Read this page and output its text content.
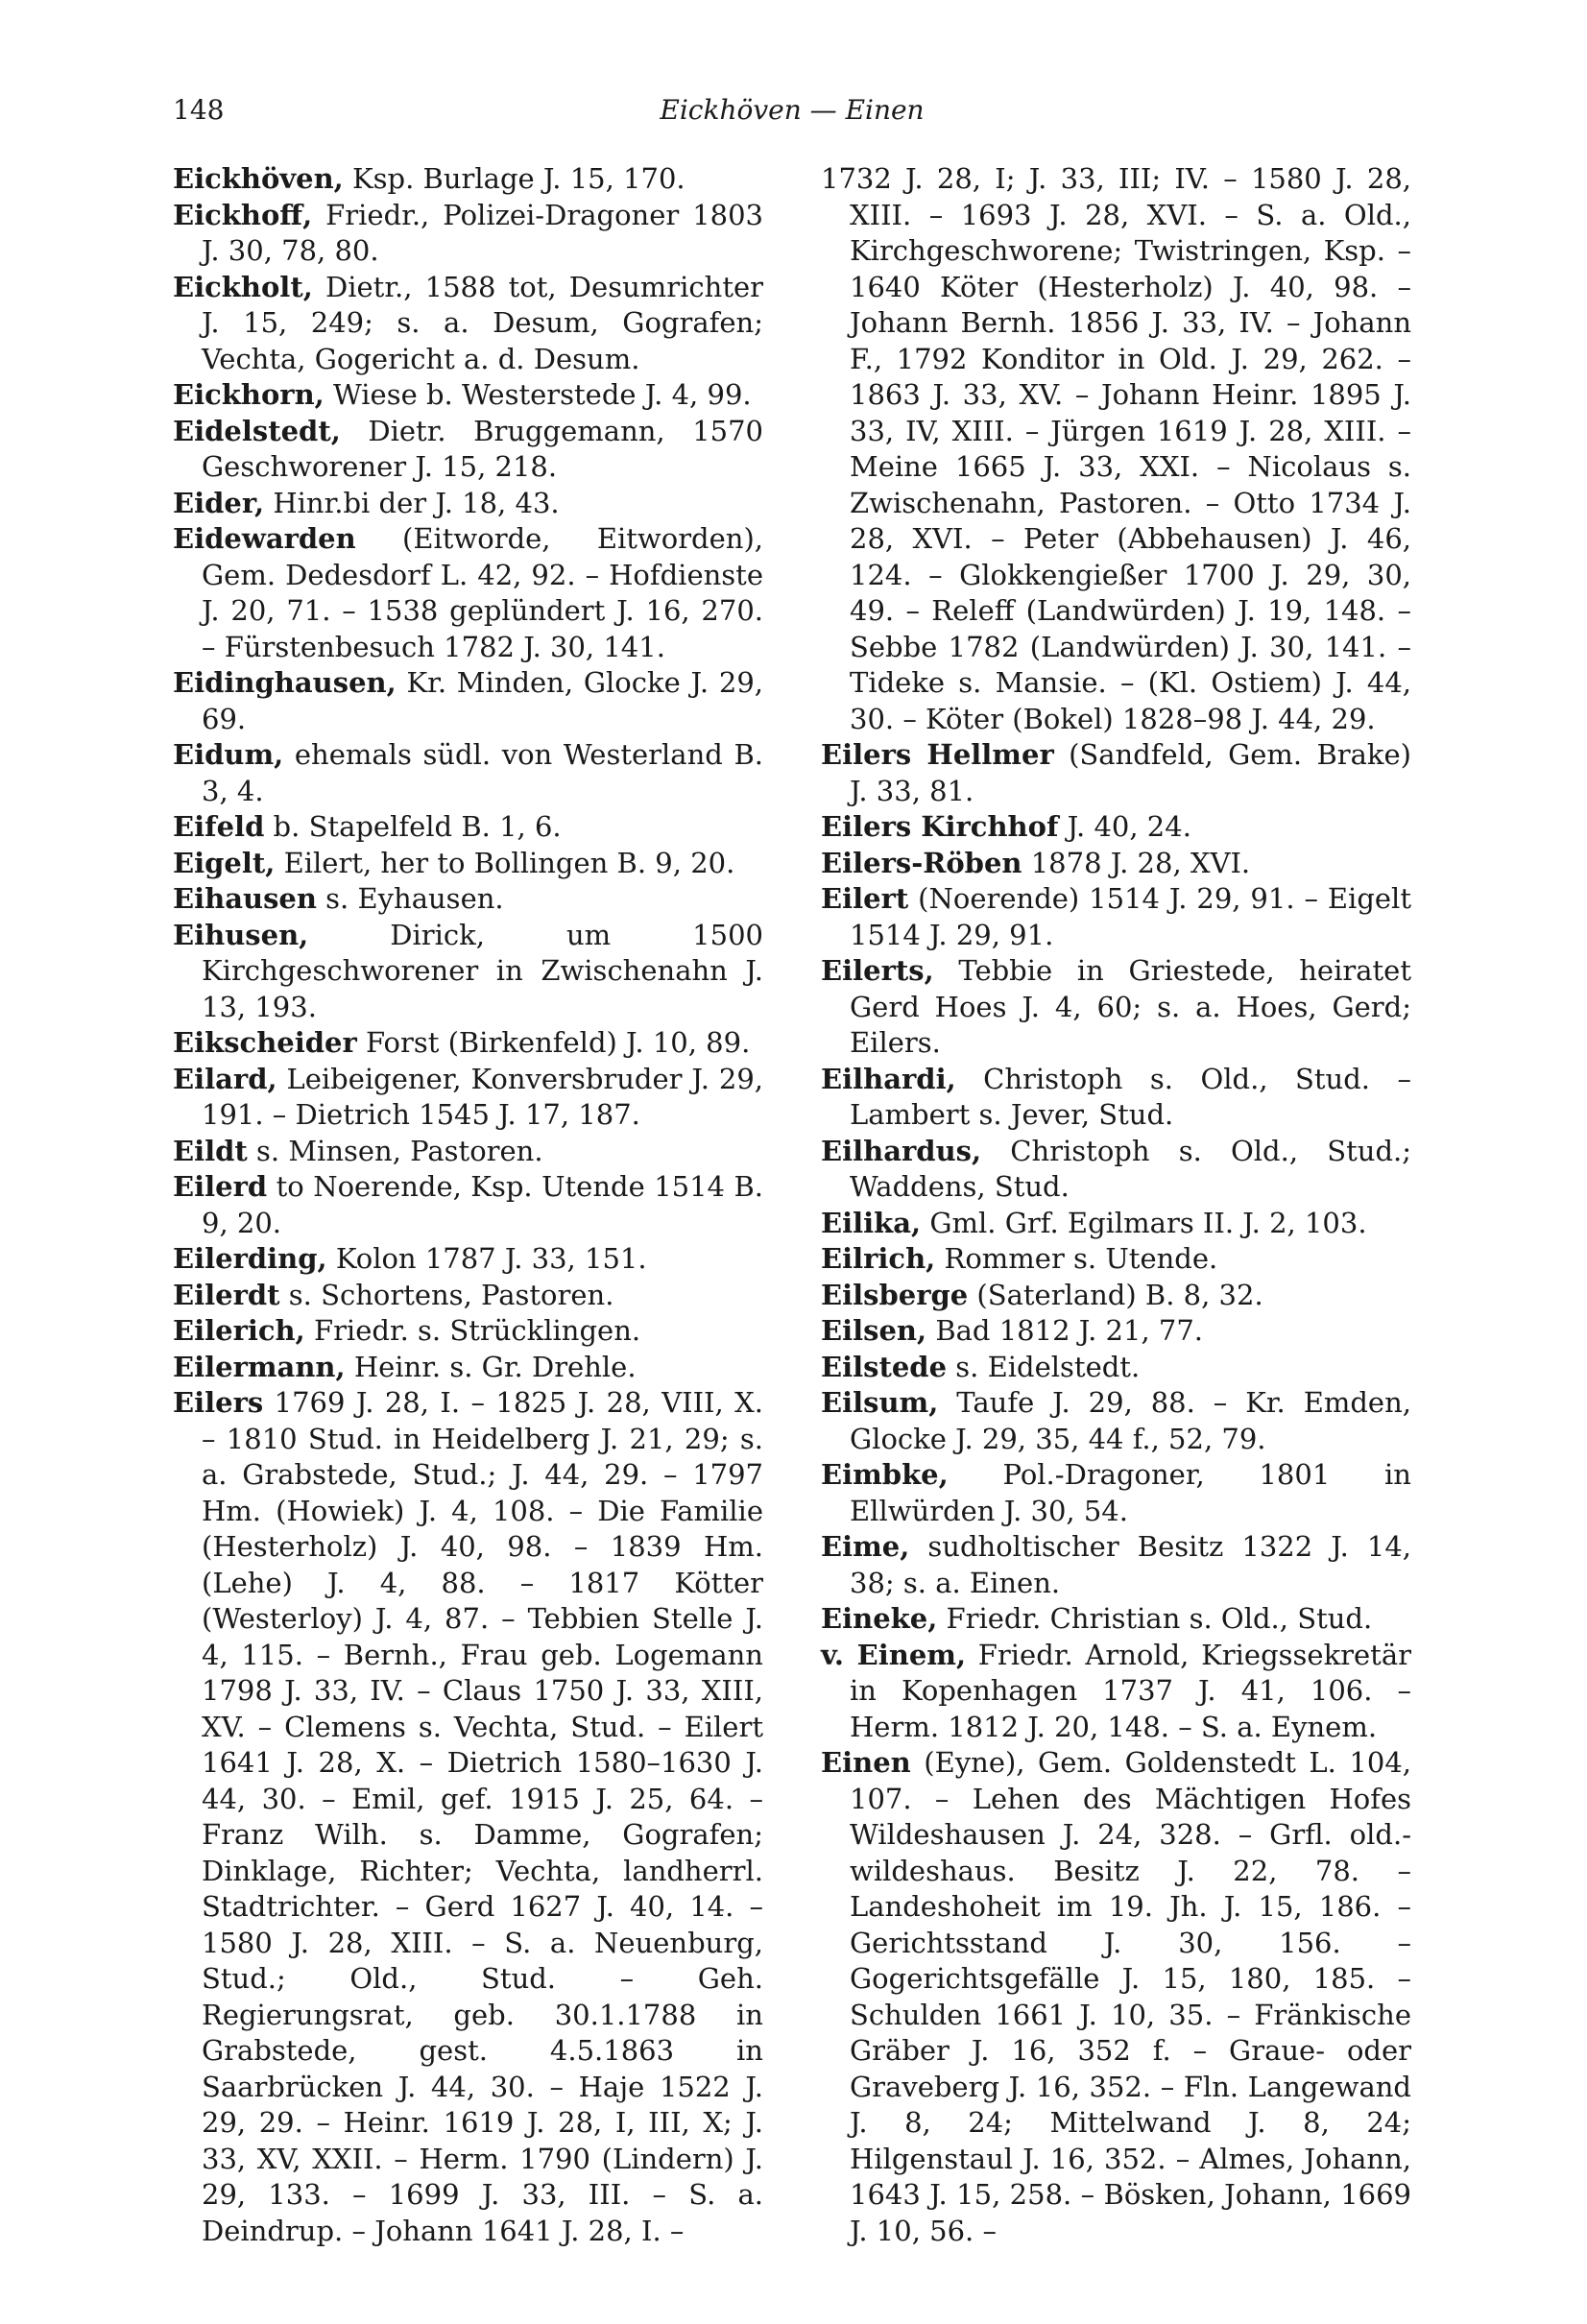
148	Eickhöven — Einen

Eickhöven, Ksp. Burlage J. 15, 170.

Eickhoff, Friedr., Polizei-Dragoner 1803 J. 30, 78, 80.

Eickholt, Dietr., 1588 tot, Desumrichter J. 15, 249; s. a. Desum, Gografen; Vechta, Gogericht a. d. Desum.

Eickhorn, Wiese b. Westerstede J. 4, 99.

Eidelstedt, Dietr. Bruggemann, 1570 Geschworener J. 15, 218.

Eider, Hinr.bi der J. 18, 43.

Eidewarden (Eitworde, Eitworden), Gem. Dedesdorf L. 42, 92. – Hofdienste J. 20, 71. – 1538 geplündert J. 16, 270. – Fürstenbesuch 1782 J. 30, 141.

Eidinghausen, Kr. Minden, Glocke J. 29, 69.

Eidum, ehemals südl. von Westerland B. 3, 4.

Eifeld b. Stapelfeld B. 1, 6.

Eigelt, Eilert, her to Bollingen B. 9, 20.

Eihausen s. Eyhausen.

Eihusen, Dirick, um 1500 Kirchgeschworener in Zwischenahn J. 13, 193.

Eikscheider Forst (Birkenfeld) J. 10, 89.

Eilard, Leibeigener, Konversbruder J. 29, 191. – Dietrich 1545 J. 17, 187.

Eildt s. Minsen, Pastoren.

Eilerd to Noerende, Ksp. Utende 1514 B. 9, 20.

Eilerding, Kolon 1787 J. 33, 151.

Eilerdt s. Schortens, Pastoren.

Eilerich, Friedr. s. Strücklingen.

Eilermann, Heinr. s. Gr. Drehle.

Eilers 1769 J. 28, I. – 1825 J. 28, VIII, X. – 1810 Stud. in Heidelberg J. 21, 29; s. a. Grabstede, Stud.; J. 44, 29. – 1797 Hm. (Howiek) J. 4, 108. – Die Familie (Hesterholz) J. 40, 98. – 1839 Hm. (Lehe) J. 4, 88. – 1817 Kötter (Westerloy) J. 4, 87. – Tebbien Stelle J. 4, 115. – Bernh., Frau geb. Logemann 1798 J. 33, IV. – Claus 1750 J. 33, XIII, XV. – Clemens s. Vechta, Stud. – Eilert 1641 J. 28, X. – Dietrich 1580–1630 J. 44, 30. – Emil, gef. 1915 J. 25, 64. – Franz Wilh. s. Damme, Gografen; Dinklage, Richter; Vechta, landherrl. Stadtrichter. – Gerd 1627 J. 40, 14. – 1580 J. 28, XIII. – S. a. Neuenburg, Stud.; Old., Stud. – Geh. Regierungsrat, geb. 30.1.1788 in Grabstede, gest. 4.5.1863 in Saarbrücken J. 44, 30. – Haje 1522 J. 29, 29. – Heinr. 1619 J. 28, I, III, X; J. 33, XV, XXII. – Herm. 1790 (Lindern) J. 29, 133. – 1699 J. 33, III. – S. a. Deindrup. – Johann 1641 J. 28, I. –

1732 J. 28, I; J. 33, III; IV. – 1580 J. 28, XIII. – 1693 J. 28, XVI. – S. a. Old., Kirchgeschworene; Twistringen, Ksp. – 1640 Köter (Hesterholz) J. 40, 98. – Johann Bernh. 1856 J. 33, IV. – Johann F., 1792 Konditor in Old. J. 29, 262. – 1863 J. 33, XV. – Johann Heinr. 1895 J. 33, IV, XIII. – Jürgen 1619 J. 28, XIII. – Meine 1665 J. 33, XXI. – Nicolaus s. Zwischenahn, Pastoren. – Otto 1734 J. 28, XVI. – Peter (Abbehausen) J. 46, 124. – Glokkengießer 1700 J. 29, 30, 49. – Releff (Landwürden) J. 19, 148. – Sebbe 1782 (Landwürden) J. 30, 141. – Tideke s. Mansie. – (Kl. Ostiem) J. 44, 30. – Köter (Bokel) 1828–98 J. 44, 29.

Eilers Hellmer (Sandfeld, Gem. Brake) J. 33, 81.

Eilers Kirchhof J. 40, 24.

Eilers-Röben 1878 J. 28, XVI.

Eilert (Noerende) 1514 J. 29, 91. – Eigelt 1514 J. 29, 91.

Eilerts, Tebbie in Griestede, heiratet Gerd Hoes J. 4, 60; s. a. Hoes, Gerd; Eilers.

Eilhardi, Christoph s. Old., Stud. – Lambert s. Jever, Stud.

Eilhardus, Christoph s. Old., Stud.; Waddens, Stud.

Eilika, Gml. Grf. Egilmars II. J. 2, 103.

Eilrich, Rommer s. Utende.

Eilsberge (Saterland) B. 8, 32.

Eilsen, Bad 1812 J. 21, 77.

Eilstede s. Eidelstedt.

Eilsum, Taufe J. 29, 88. – Kr. Emden, Glocke J. 29, 35, 44 f., 52, 79.

Eimbke, Pol.-Dragoner, 1801 in Ellwürden J. 30, 54.

Eime, sudholtischer Besitz 1322 J. 14, 38; s. a. Einen.

Eineke, Friedr. Christian s. Old., Stud.

v. Einem, Friedr. Arnold, Kriegssekretär in Kopenhagen 1737 J. 41, 106. – Herm. 1812 J. 20, 148. – S. a. Eynem.

Einen (Eyne), Gem. Goldenstedt L. 104, 107. – Lehen des Mächtigen Hofes Wildeshausen J. 24, 328. – Grfl. old.-wildeshaus. Besitz J. 22, 78. – Landeshoheit im 19. Jh. J. 15, 186. – Gerichtsstand J. 30, 156. – Gogerichtsgefälle J. 15, 180, 185. – Schulden 1661 J. 10, 35. – Fränkische Gräber J. 16, 352 f. – Graue- oder Graveberg J. 16, 352. – Fln. Langewand J. 8, 24; Mittelwand J. 8, 24; Hilgenstaul J. 16, 352. – Almes, Johann, 1643 J. 15, 258. – Bösken, Johann, 1669 J. 10, 56. –
